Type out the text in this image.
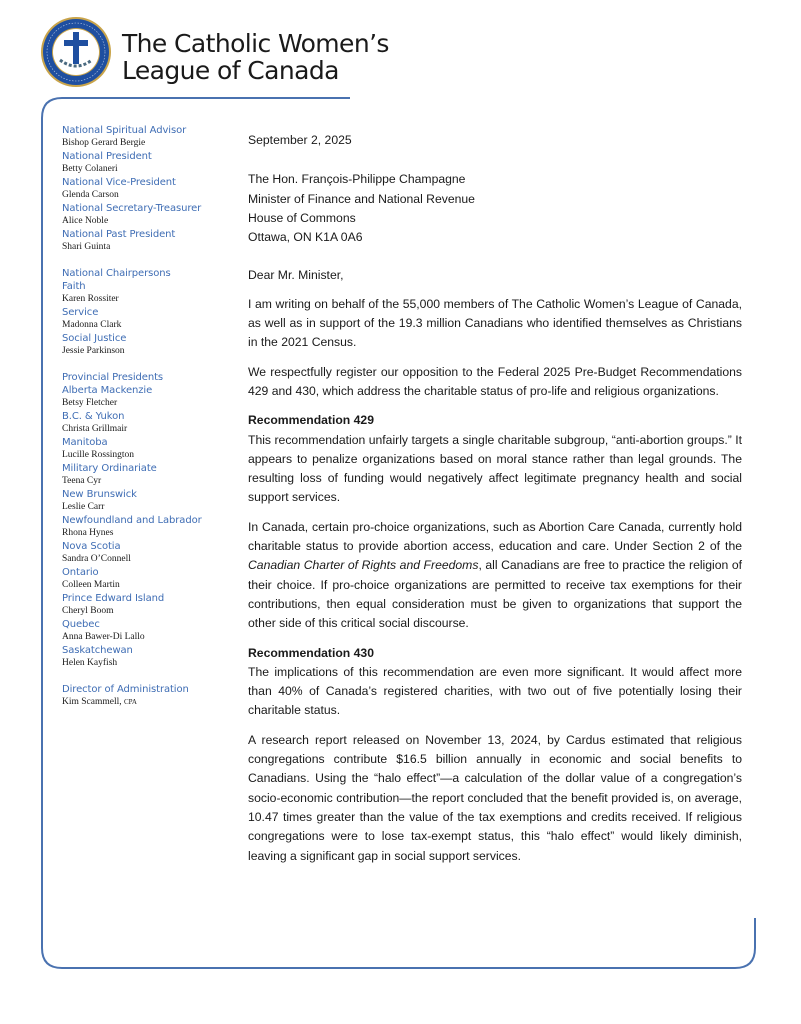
The Catholic Women’s
League of Canada
National Spiritual Advisor
Bishop Gerard Bergie
National President
Betty Colaneri
National Vice-President
Glenda Carson
National Secretary-Treasurer
Alice Noble
National Past President
Shari Guinta
National Chairpersons
Faith
Karen Rossiter
Service
Madonna Clark
Social Justice
Jessie Parkinson
Provincial Presidents
Alberta Mackenzie
Betsy Fletcher
B.C. & Yukon
Christa Grillmair
Manitoba
Lucille Rossington
Military Ordinariate
Teena Cyr
New Brunswick
Leslie Carr
Newfoundland and Labrador
Rhona Hynes
Nova Scotia
Sandra O’Connell
Ontario
Colleen Martin
Prince Edward Island
Cheryl Boom
Quebec
Anna Bawer-Di Lallo
Saskatchewan
Helen Kayfish
Director of Administration
Kim Scammell, CPA

September 2, 2025

The Hon. François-Philippe Champagne
Minister of Finance and National Revenue
House of Commons
Ottawa, ON K1A 0A6

Dear Mr. Minister,

I am writing on behalf of the 55,000 members of The Catholic Women’s League of Canada, as well as in support of the 19.3 million Canadians who identified themselves as Christians in the 2021 Census.

We respectfully register our opposition to the Federal 2025 Pre-Budget Recommendations 429 and 430, which address the charitable status of pro-life and religious organizations.

Recommendation 429

This recommendation unfairly targets a single charitable subgroup, “anti-abortion groups.” It appears to penalize organizations based on moral stance rather than legal grounds. The resulting loss of funding would negatively affect legitimate pregnancy health and social support services.

In Canada, certain pro-choice organizations, such as Abortion Care Canada, currently hold charitable status to provide abortion access, education and care. Under Section 2 of the Canadian Charter of Rights and Freedoms, all Canadians are free to practice the religion of their choice. If pro-choice organizations are permitted to receive tax exemptions for their contributions, then equal consideration must be given to organizations that support the other side of this critical social discourse.

Recommendation 430

The implications of this recommendation are even more significant. It would affect more than 40% of Canada’s registered charities, with two out of five potentially losing their charitable status.

A research report released on November 13, 2024, by Cardus estimated that religious congregations contribute $16.5 billion annually in economic and social benefits to Canadians. Using the “halo effect”—a calculation of the dollar value of a congregation’s socio-economic contribution—the report concluded that the benefit provided is, on average, 10.47 times greater than the value of the tax exemptions and credits received. If religious congregations were to lose tax-exempt status, this “halo effect” would likely diminish, leaving a significant gap in social support services.
